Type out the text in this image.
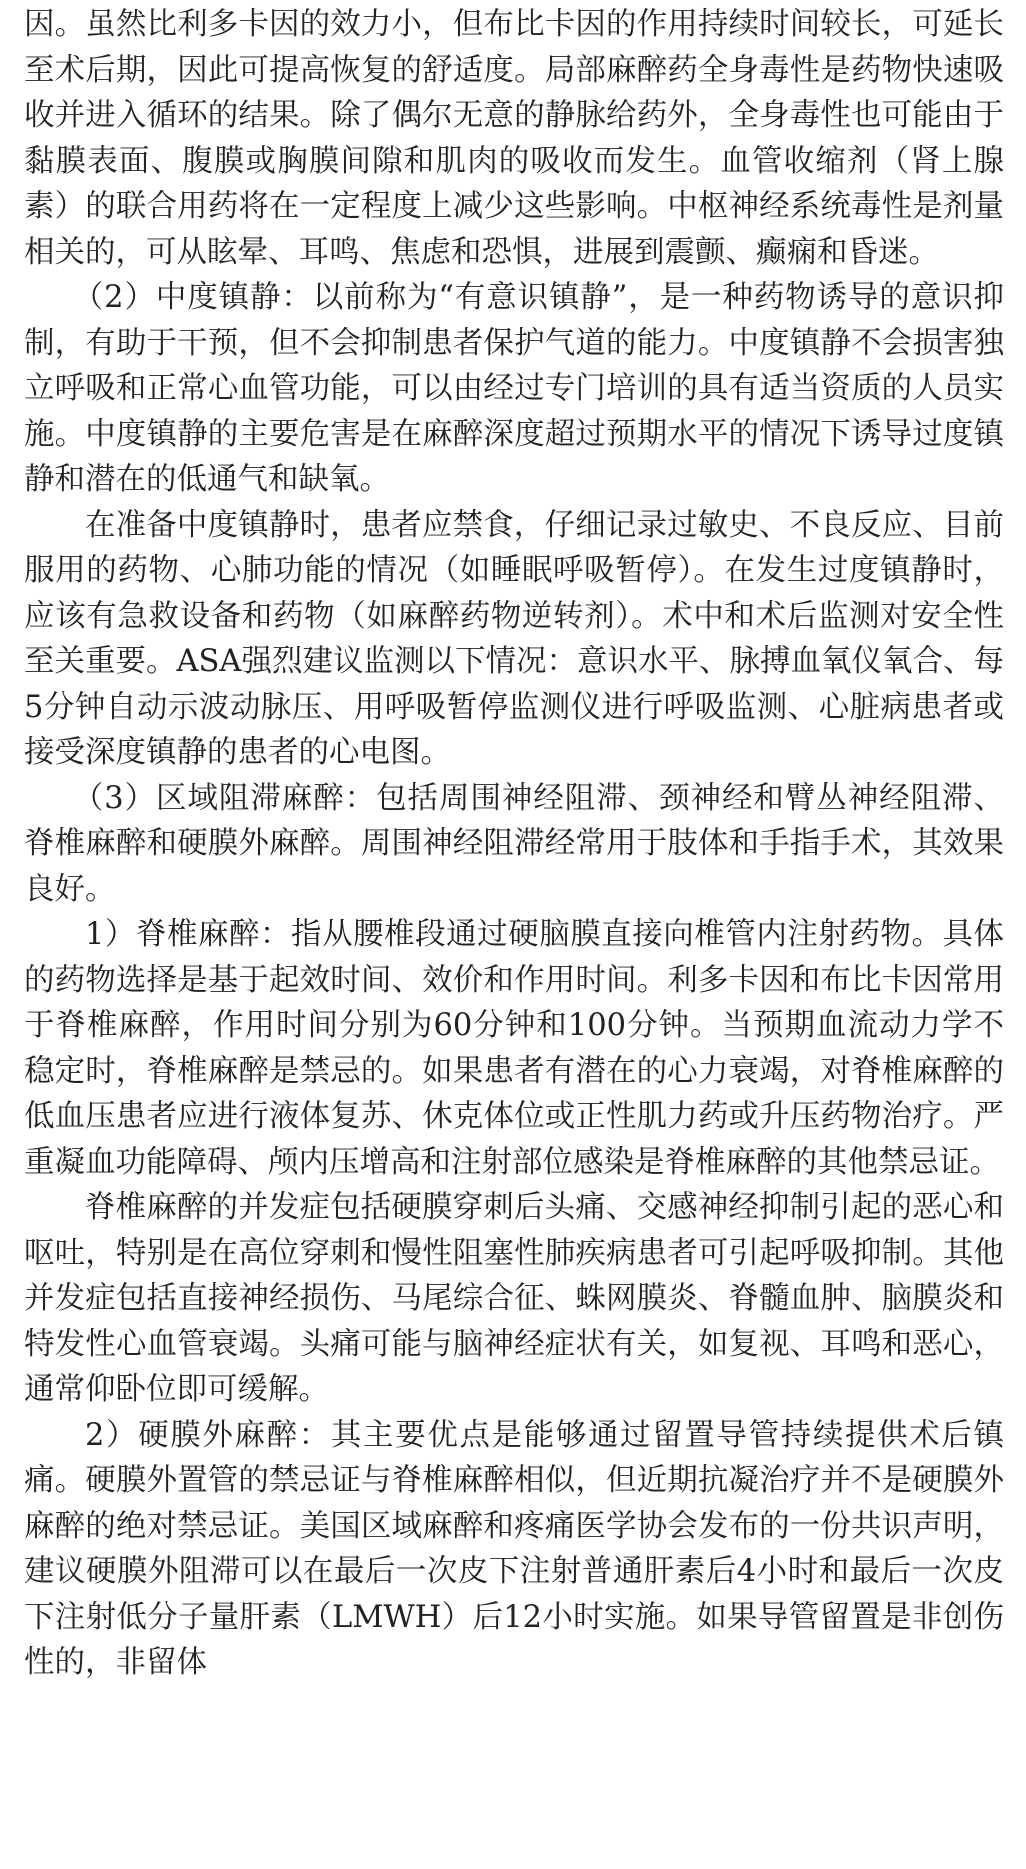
因。虽然比利多卡因的效力小，但布比卡因的作用持续时间较长，可延长至术后期，因此可提高恢复的舒适度。局部麻醉药全身毒性是药物快速吸收并进入循环的结果。除了偶尔无意的静脉给药外，全身毒性也可能由于黏膜表面、腹膜或胸膜间隙和肌肉的吸收而发生。血管收缩剂（肾上腺素）的联合用药将在一定程度上减少这些影响。中枢神经系统毒性是剂量相关的，可从眩晕、耳鸣、焦虑和恐惧，进展到震颤、癫痫和昏迷。

（2）中度镇静：以前称为“有意识镇静”，是一种药物诱导的意识抑制，有助于干预，但不会抑制患者保护气道的能力。中度镇静不会损害独立呼吸和正常心血管功能，可以由经过专门培训的具有适当资质的人员实施。中度镇静的主要危害是在麻醉深度超过预期水平的情况下诱导过度镇静和潜在的低通气和缺氧。

在准备中度镇静时，患者应禁食，仔细记录过敏史、不良反应、目前服用的药物、心肺功能的情况（如睡眠呼吸暂停）。在发生过度镇静时，应该有急救设备和药物（如麻醉药物逆转剂）。术中和术后监测对安全性至关重要。ASA强烈建议监测以下情况：意识水平、脉搏血氧仪氧合、每5分钟自动示波动脉压、用呼吸暂停监测仪进行呼吸监测、心脏病患者或接受深度镇静的患者的心电图。

（3）区域阻滞麻醉：包括周围神经阻滞、颈神经和臂丛神经阻滞、脊椎麻醉和硬膜外麻醉。周围神经阻滞经常用于肢体和手指手术，其效果良好。

1）脊椎麻醉：指从腰椎段通过硬脑膜直接向椎管内注射药物。具体的药物选择是基于起效时间、效价和作用时间。利多卡因和布比卡因常用于脊椎麻醉，作用时间分别为60分钟和100分钟。当预期血流动力学不稳定时，脊椎麻醉是禁忌的。如果患者有潜在的心力衰竭，对脊椎麻醉的低血压患者应进行液体复苏、休克体位或正性肌力药或升压药物治疗。严重凝血功能障碍、颅内压增高和注射部位感染是脊椎麻醉的其他禁忌证。

脊椎麻醉的并发症包括硬膜穿刺后头痛、交感神经抑制引起的恶心和呕吐，特别是在高位穿刺和慢性阻塞性肺疾病患者可引起呼吸抑制。其他并发症包括直接神经损伤、马尾综合征、蛛网膜炎、脊髓血肿、脑膜炎和特发性心血管衰竭。头痛可能与脑神经症状有关，如复视、耳鸣和恶心，通常仰卧位即可缓解。

2）硬膜外麻醉：其主要优点是能够通过留置导管持续提供术后镇痛。硬膜外置管的禁忌证与脊椎麻醉相似，但近期抗凝治疗并不是硬膜外麻醉的绝对禁忌证。美国区域麻醉和疼痛医学协会发布的一份共识声明，建议硬膜外阻滞可以在最后一次皮下注射普通肝素后4小时和最后一次皮下注射低分子量肝素（LMWH）后12小时实施。如果导管留置是非创伤性的，非留体
